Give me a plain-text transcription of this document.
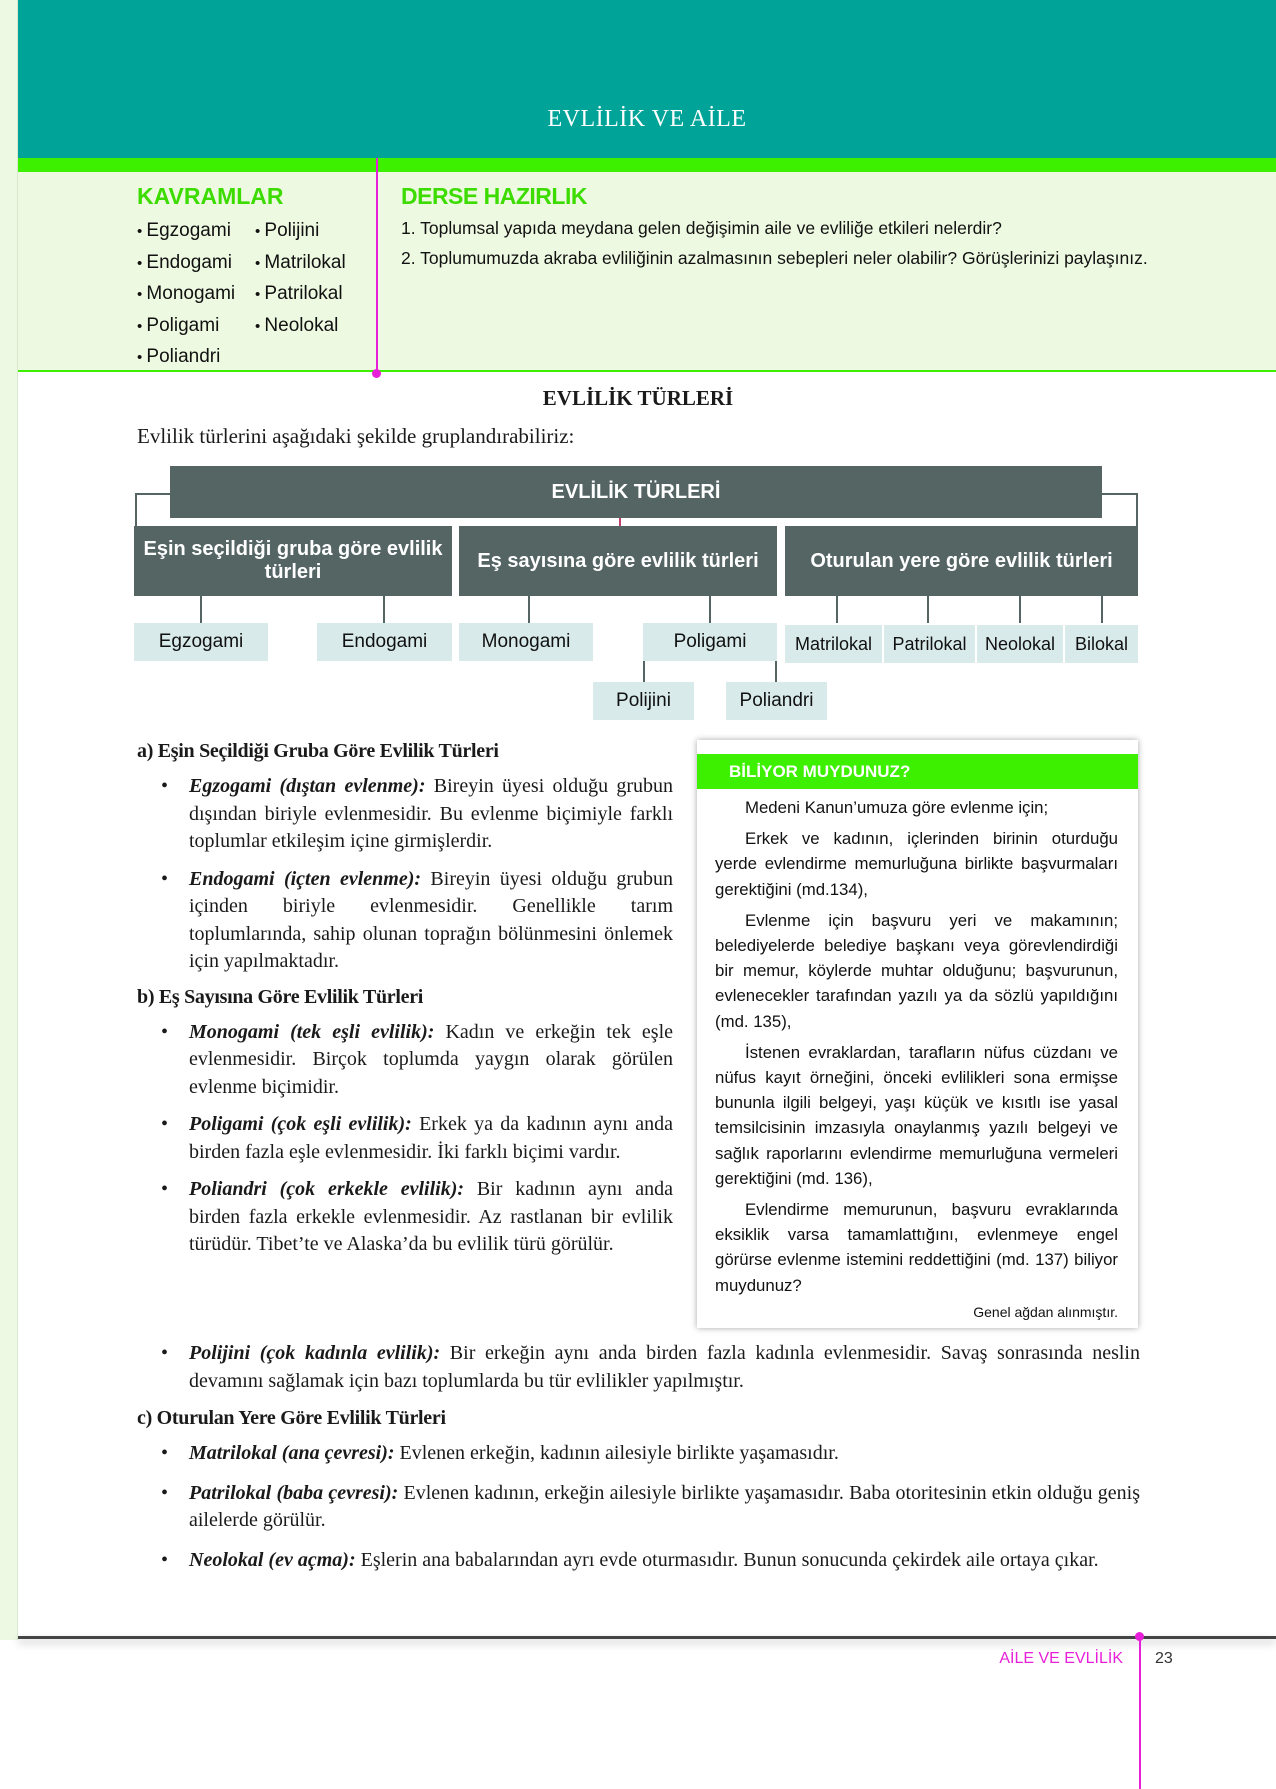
EVLİLİK VE AİLE
KAVRAMLAR
• Egzogami	• Polijini
• Endogami	• Matrilokal
• Monogami	• Patrilokal
• Poligami	• Neolokal
• Poliandri
DERSE HAZIRLIK
1. Toplumsal yapıda meydana gelen değişimin aile ve evliliğe etkileri nelerdir?
2. Toplumumuzda akraba evliliğinin azalmasının sebepleri neler olabilir? Görüşlerinizi paylaşınız.
EVLİLİK TÜRLERİ
Evlilik türlerini aşağıdaki şekilde gruplandırabiliriz:
EVLİLİK TÜRLERİ
Eşin seçildiği gruba göre evlilik türleri
Eş sayısına göre evlilik türleri	Oturulan yere göre evlilik türleri
Egzogami	Endogami	Monogami	Poligami	Matrilokal	Patrilokal	Neolokal	Bilokal
Polijini	Poliandri
a) Eşin Seçildiği Gruba Göre Evlilik Türleri
• Egzogami (dıştan evlenme): Bireyin üyesi olduğu grubun dışından biriyle evlenmesidir. Bu evlenme biçimiyle farklı toplumlar etkileşim içine girmişlerdir.
• Endogami (içten evlenme): Bireyin üyesi olduğu grubun içinden biriyle evlenmesidir. Genellikle tarım toplumlarında, sahip olunan toprağın bölünmesini önlemek için yapılmaktadır.
b) Eş Sayısına Göre Evlilik Türleri
• Monogami (tek eşli evlilik): Kadın ve erkeğin tek eşle evlenmesidir. Birçok toplumda yaygın olarak görülen evlenme biçimidir.
• Poligami (çok eşli evlilik): Erkek ya da kadının aynı anda birden fazla eşle evlenmesidir. İki farklı biçimi vardır.
• Poliandri (çok erkekle evlilik): Bir kadının aynı anda birden fazla erkekle evlenmesidir. Az rastlanan bir evlilik türüdür. Tibet’te ve Alaska’da bu evlilik türü görülür.
BİLİYOR MUYDUNUZ?

Medeni Kanun’umuza göre evlenme için;

Erkek ve kadının, içlerinden birinin oturduğu yerde evlendirme memurluğuna birlikte başvurmaları gerektiğini (md.134),

Evlenme için başvuru yeri ve makamının; belediyelerde belediye başkanı veya görevlendirdiği bir memur, köylerde muhtar olduğunu; başvurunun, evlenecekler tarafından yazılı ya da sözlü yapıldığını (md. 135),

İstenen evraklardan, tarafların nüfus cüzdanı ve nüfus kayıt örneğini, önceki evlilikleri sona ermişse bununla ilgili belgeyi, yaşı küçük ve kısıtlı ise yasal temsilcisinin imzasıyla onaylanmış yazılı belgeyi ve sağlık raporlarını evlendirme memurluğuna vermeleri gerektiğini (md. 136),

Evlendirme memurunun, başvuru evraklarında eksiklik varsa tamamlattığını, evlenmeye engel görürse evlenme istemini reddettiğini (md. 137) biliyor muydunuz?

Genel ağdan alınmıştır.
• Polijini (çok kadınla evlilik): Bir erkeğin aynı anda birden fazla kadınla evlenmesidir. Savaş sonrasında neslin devamını sağlamak için bazı toplumlarda bu tür evlilikler yapılmıştır.
c) Oturulan Yere Göre Evlilik Türleri
• Matrilokal (ana çevresi): Evlenen erkeğin, kadının ailesiyle birlikte yaşamasıdır.
• Patrilokal (baba çevresi): Evlenen kadının, erkeğin ailesiyle birlikte yaşamasıdır. Baba otoritesinin etkin olduğu geniş ailelerde görülür.
• Neolokal (ev açma): Eşlerin ana babalarından ayrı evde oturmasıdır. Bunun sonucunda çekirdek aile ortaya çıkar.
AİLE VE EVLİLİK 23
